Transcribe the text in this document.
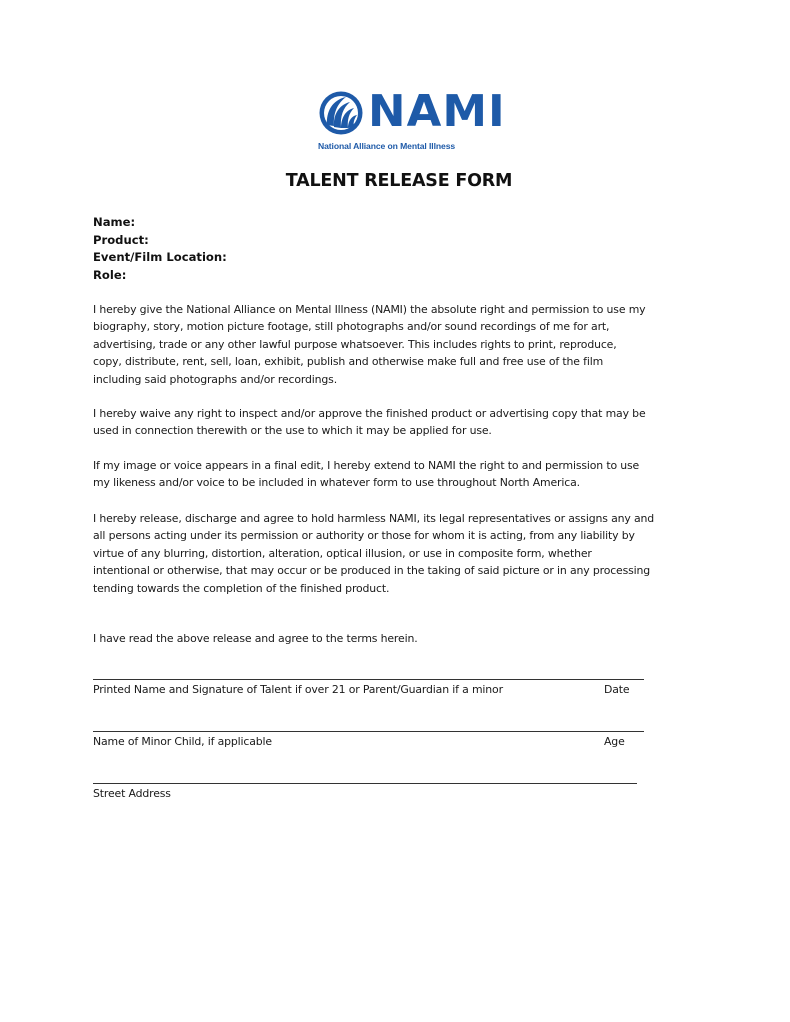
NAMI
National Alliance on Mental Illness
TALENT RELEASE FORM
Name:
Product:
Event/Film Location:
Role:
I hereby give the National Alliance on Mental Illness (NAMI) the absolute right and permission to use my
biography, story, motion picture footage, still photographs and/or sound recordings of me for art,
advertising, trade or any other lawful purpose whatsoever. This includes rights to print, reproduce,
copy, distribute, rent, sell, loan, exhibit, publish and otherwise make full and free use of the film
including said photographs and/or recordings.
I hereby waive any right to inspect and/or approve the finished product or advertising copy that may be
used in connection therewith or the use to which it may be applied for use.
If my image or voice appears in a final edit, I hereby extend to NAMI the right to and permission to use
my likeness and/or voice to be included in whatever form to use throughout North America.
I hereby release, discharge and agree to hold harmless NAMI, its legal representatives or assigns any and
all persons acting under its permission or authority or those for whom it is acting, from any liability by
virtue of any blurring, distortion, alteration, optical illusion, or use in composite form, whether
intentional or otherwise, that may occur or be produced in the taking of said picture or in any processing
tending towards the completion of the finished product.
I have read the above release and agree to the terms herein.
Printed Name and Signature of Talent if over 21 or Parent/Guardian if a minor	Date
Name of Minor Child, if applicable	Age
Street Address
